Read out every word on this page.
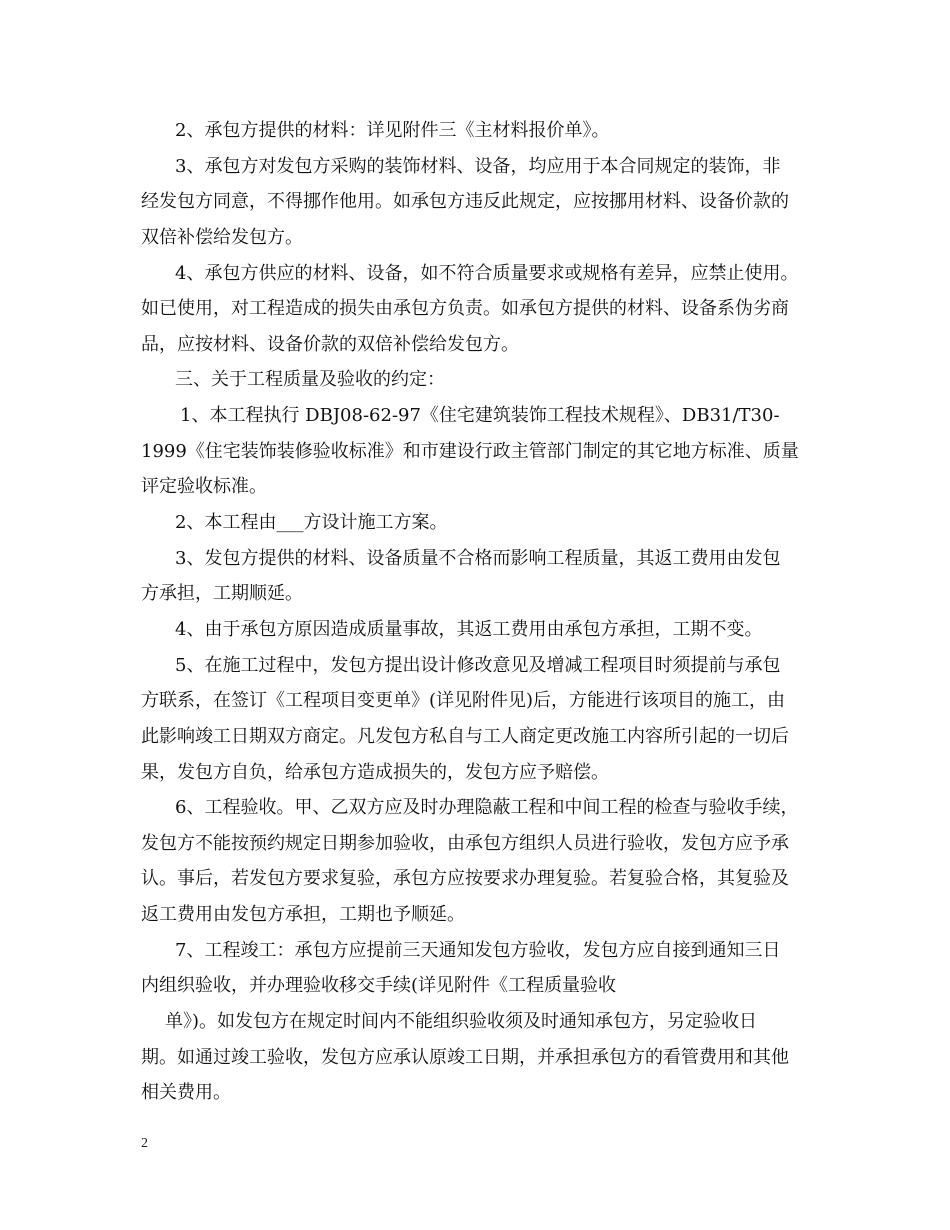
2、承包方提供的材料：详见附件三《主材料报价单》。
3、承包方对发包方采购的装饰材料、设备，均应用于本合同规定的装饰，非
经发包方同意，不得挪作他用。如承包方违反此规定，应按挪用材料、设备价款的
双倍补偿给发包方。
4、承包方供应的材料、设备，如不符合质量要求或规格有差异，应禁止使用。
如已使用，对工程造成的损失由承包方负责。如承包方提供的材料、设备系伪劣商
品，应按材料、设备价款的双倍补偿给发包方。
三、关于工程质量及验收的约定：
1、本工程执行 DBJ08-62-97《住宅建筑装饰工程技术规程》、DB31/T30-
1999《住宅装饰装修验收标准》和市建设行政主管部门制定的其它地方标准、质量
评定验收标准。
2、本工程由___方设计施工方案。
3、发包方提供的材料、设备质量不合格而影响工程质量，其返工费用由发包
方承担，工期顺延。
4、由于承包方原因造成质量事故，其返工费用由承包方承担，工期不变。
5、在施工过程中，发包方提出设计修改意见及增减工程项目时须提前与承包
方联系，在签订《工程项目变更单》(详见附件见)后，方能进行该项目的施工，由
此影响竣工日期双方商定。凡发包方私自与工人商定更改施工内容所引起的一切后
果，发包方自负，给承包方造成损失的，发包方应予赔偿。
6、工程验收。甲、乙双方应及时办理隐蔽工程和中间工程的检查与验收手续，
发包方不能按预约规定日期参加验收，由承包方组织人员进行验收，发包方应予承
认。事后，若发包方要求复验，承包方应按要求办理复验。若复验合格，其复验及
返工费用由发包方承担，工期也予顺延。
7、工程竣工：承包方应提前三天通知发包方验收，发包方应自接到通知三日
内组织验收，并办理验收移交手续(详见附件《工程质量验收
单》)。如发包方在规定时间内不能组织验收须及时通知承包方，另定验收日
期。如通过竣工验收，发包方应承认原竣工日期，并承担承包方的看管费用和其他
相关费用。
2
